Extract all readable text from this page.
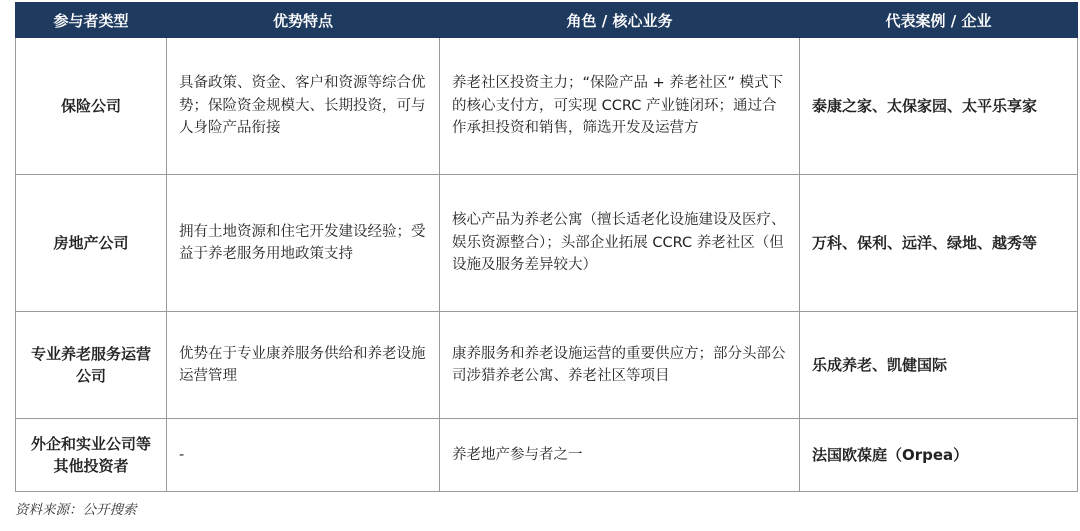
参与者类型	优势特点	角色 / 核心业务	代表案例 / 企业
保险公司	具备政策、资金、客户和资源等综合优势；保险资金规模大、长期投资，可与人身险产品衔接	养老社区投资主力；“保险产品 + 养老社区” 模式下的核心支付方，可实现 CCRC 产业链闭环；通过合作承担投资和销售，筛选开发及运营方	泰康之家、太保家园、太平乐享家
房地产公司	拥有土地资源和住宅开发建设经验；受益于养老服务用地政策支持	核心产品为养老公寓（擅长适老化设施建设及医疗、娱乐资源整合）；头部企业拓展 CCRC 养老社区（但设施及服务差异较大）	万科、保利、远洋、绿地、越秀等
专业养老服务运营公司	优势在于专业康养服务供给和养老设施运营管理	康养服务和养老设施运营的重要供应方；部分头部公司涉猎养老公寓、养老社区等项目	乐成养老、凯健国际
外企和实业公司等其他投资者	-	养老地产参与者之一	法国欧葆庭（Orpea）
资料来源：公开搜索
